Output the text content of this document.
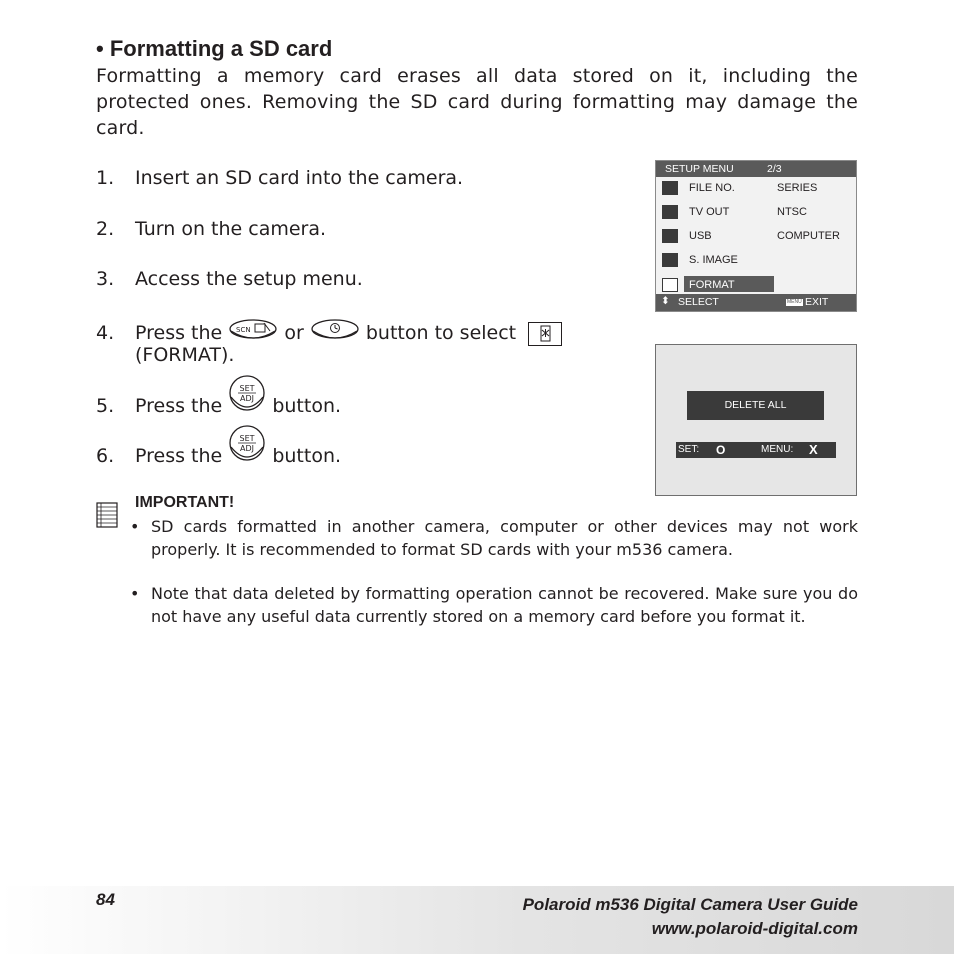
• Formatting a SD card
Formatting a memory card erases all data stored on it, including the protected ones. Removing the SD card during formatting may damage the card.
1. Insert an SD card into the camera.
2. Turn on the camera.
3. Access the setup menu.
4. Press the SCN or	button to select
(FORMAT).
5. Press the
SET
ADJ button.
6. Press the
SET
ADJ button.
SETUP MENU	2/3
FILE NO.	SERIES
TV OUT	NTSC
USB	COMPUTER
S. IMAGE
FORMAT
⬍ SELECT	MENU EXIT
DELETE ALL
SET: O	MENU: X
IMPORTANT!
• SD cards formatted in another camera, computer or other devices may not work properly. It is recommended to format SD cards with your m536 camera.
• Note that data deleted by formatting operation cannot be recovered. Make sure you do not have any useful data currently stored on a memory card before you format it.
84	Polaroid m536 Digital Camera User Guide
www.polaroid-digital.com
